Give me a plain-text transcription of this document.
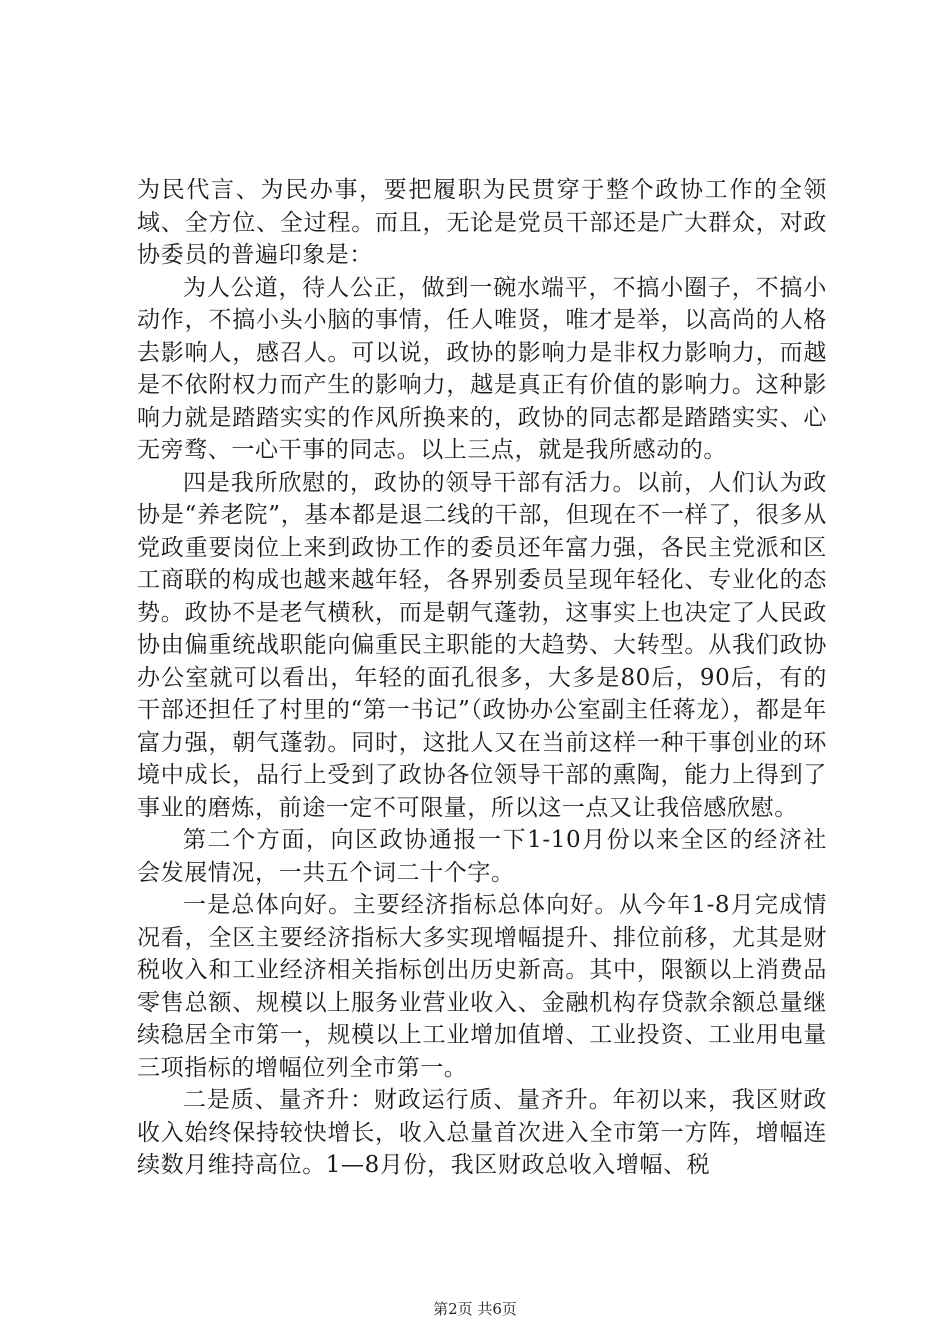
为民代言、为民办事，要把履职为民贯穿于整个政协工作的全领域、全方位、全过程。而且，无论是党员干部还是广大群众，对政协委员的普遍印象是：

为人公道，待人公正，做到一碗水端平，不搞小圈子，不搞小动作，不搞小头小脑的事情，任人唯贤，唯才是举，以高尚的人格去影响人，感召人。可以说，政协的影响力是非权力影响力，而越是不依附权力而产生的影响力，越是真正有价值的影响力。这种影响力就是踏踏实实的作风所换来的，政协的同志都是踏踏实实、心无旁骛、一心干事的同志。以上三点，就是我所感动的。

四是我所欣慰的，政协的领导干部有活力。以前，人们认为政协是“养老院”，基本都是退二线的干部，但现在不一样了，很多从党政重要岗位上来到政协工作的委员还年富力强，各民主党派和区工商联的构成也越来越年轻，各界别委员呈现年轻化、专业化的态势。政协不是老气横秋，而是朝气蓬勃，这事实上也决定了人民政协由偏重统战职能向偏重民主职能的大趋势、大转型。从我们政协办公室就可以看出，年轻的面孔很多，大多是80后，90后，有的干部还担任了村里的“第一书记”（政协办公室副主任蒋龙），都是年富力强，朝气蓬勃。同时，这批人又在当前这样一种干事创业的环境中成长，品行上受到了政协各位领导干部的熏陶，能力上得到了事业的磨炼，前途一定不可限量，所以这一点又让我倍感欣慰。

第二个方面，向区政协通报一下1-10月份以来全区的经济社会发展情况，一共五个词二十个字。

一是总体向好。主要经济指标总体向好。从今年1-8月完成情况看，全区主要经济指标大多实现增幅提升、排位前移，尤其是财税收入和工业经济相关指标创出历史新高。其中，限额以上消费品零售总额、规模以上服务业营业收入、金融机构存贷款余额总量继续稳居全市第一，规模以上工业增加值增、工业投资、工业用电量三项指标的增幅位列全市第一。

二是质、量齐升：财政运行质、量齐升。年初以来，我区财政收入始终保持较快增长，收入总量首次进入全市第一方阵，增幅连续数月维持高位。1—8月份，我区财政总收入增幅、税

第2页 共6页
